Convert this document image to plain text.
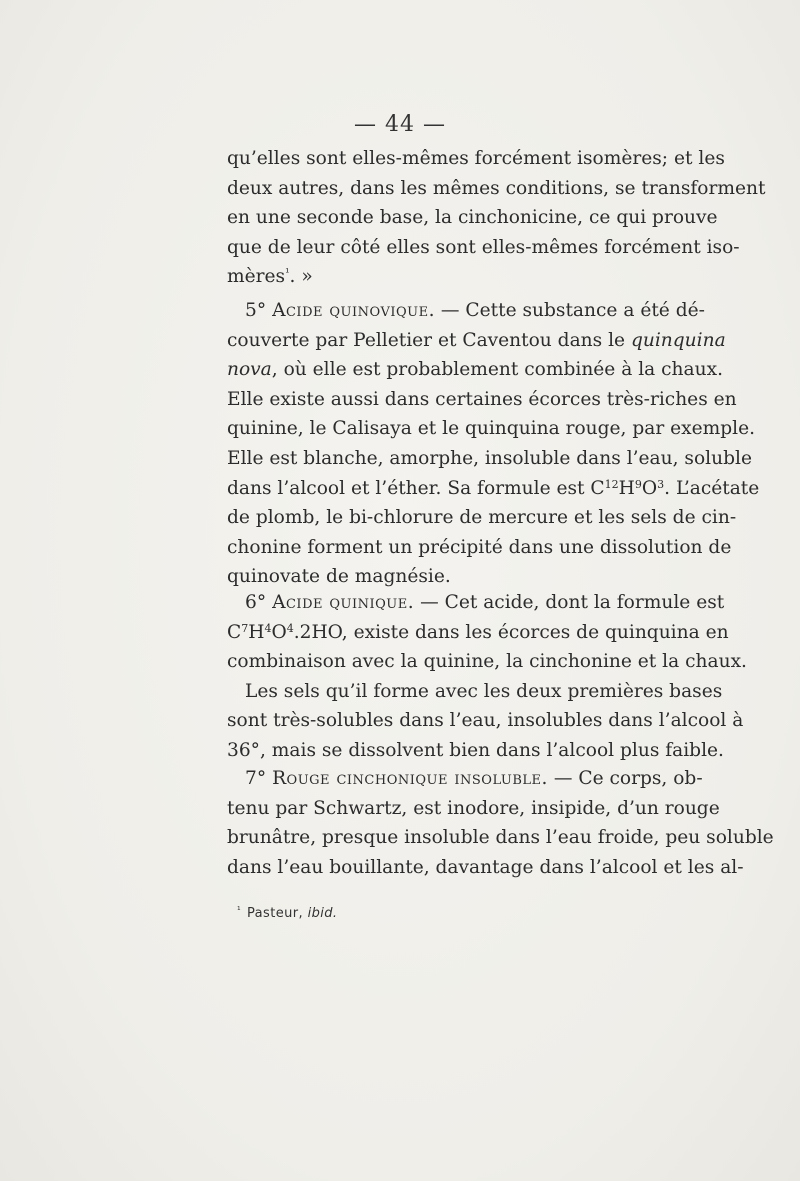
— 44 —
qu’elles sont elles-mêmes forcément isomères; et les
deux autres, dans les mêmes conditions, se transforment
en une seconde base, la cinchonicine, ce qui prouve
que de leur côté elles sont elles-mêmes forcément iso-
mères$^{^1}$. »
5° Acide quinovique. — Cette substance a été dé-
couverte par Pelletier et Caventou dans le quinquina
nova, où elle est probablement combinée à la chaux.
Elle existe aussi dans certaines écorces très-riches en
quinine, le Calisaya et le quinquina rouge, par exemple.
Elle est blanche, amorphe, insoluble dans l’eau, soluble
dans l’alcool et l’éther. Sa formule est $C^{12}H^9O^3$. L’acétate
de plomb, le bi-chlorure de mercure et les sels de cin-
chonine forment un précipité dans une dissolution de
quinovate de magnésie.
6° Acide quinique. — Cet acide, dont la formule est
$C^7H^4O^4.2HO$, existe dans les écorces de quinquina en
combinaison avec la quinine, la cinchonine et la chaux.
Les sels qu’il forme avec les deux premières bases
sont très-solubles dans l’eau, insolubles dans l’alcool à
36°, mais se dissolvent bien dans l’alcool plus faible.
7° Rouge cinchonique insoluble. — Ce corps, ob-
tenu par Schwartz, est inodore, insipide, d’un rouge
brunâtre, presque insoluble dans l’eau froide, peu soluble
dans l’eau bouillante, davantage dans l’alcool et les al-
$^{^1}$ Pasteur, ibid.
